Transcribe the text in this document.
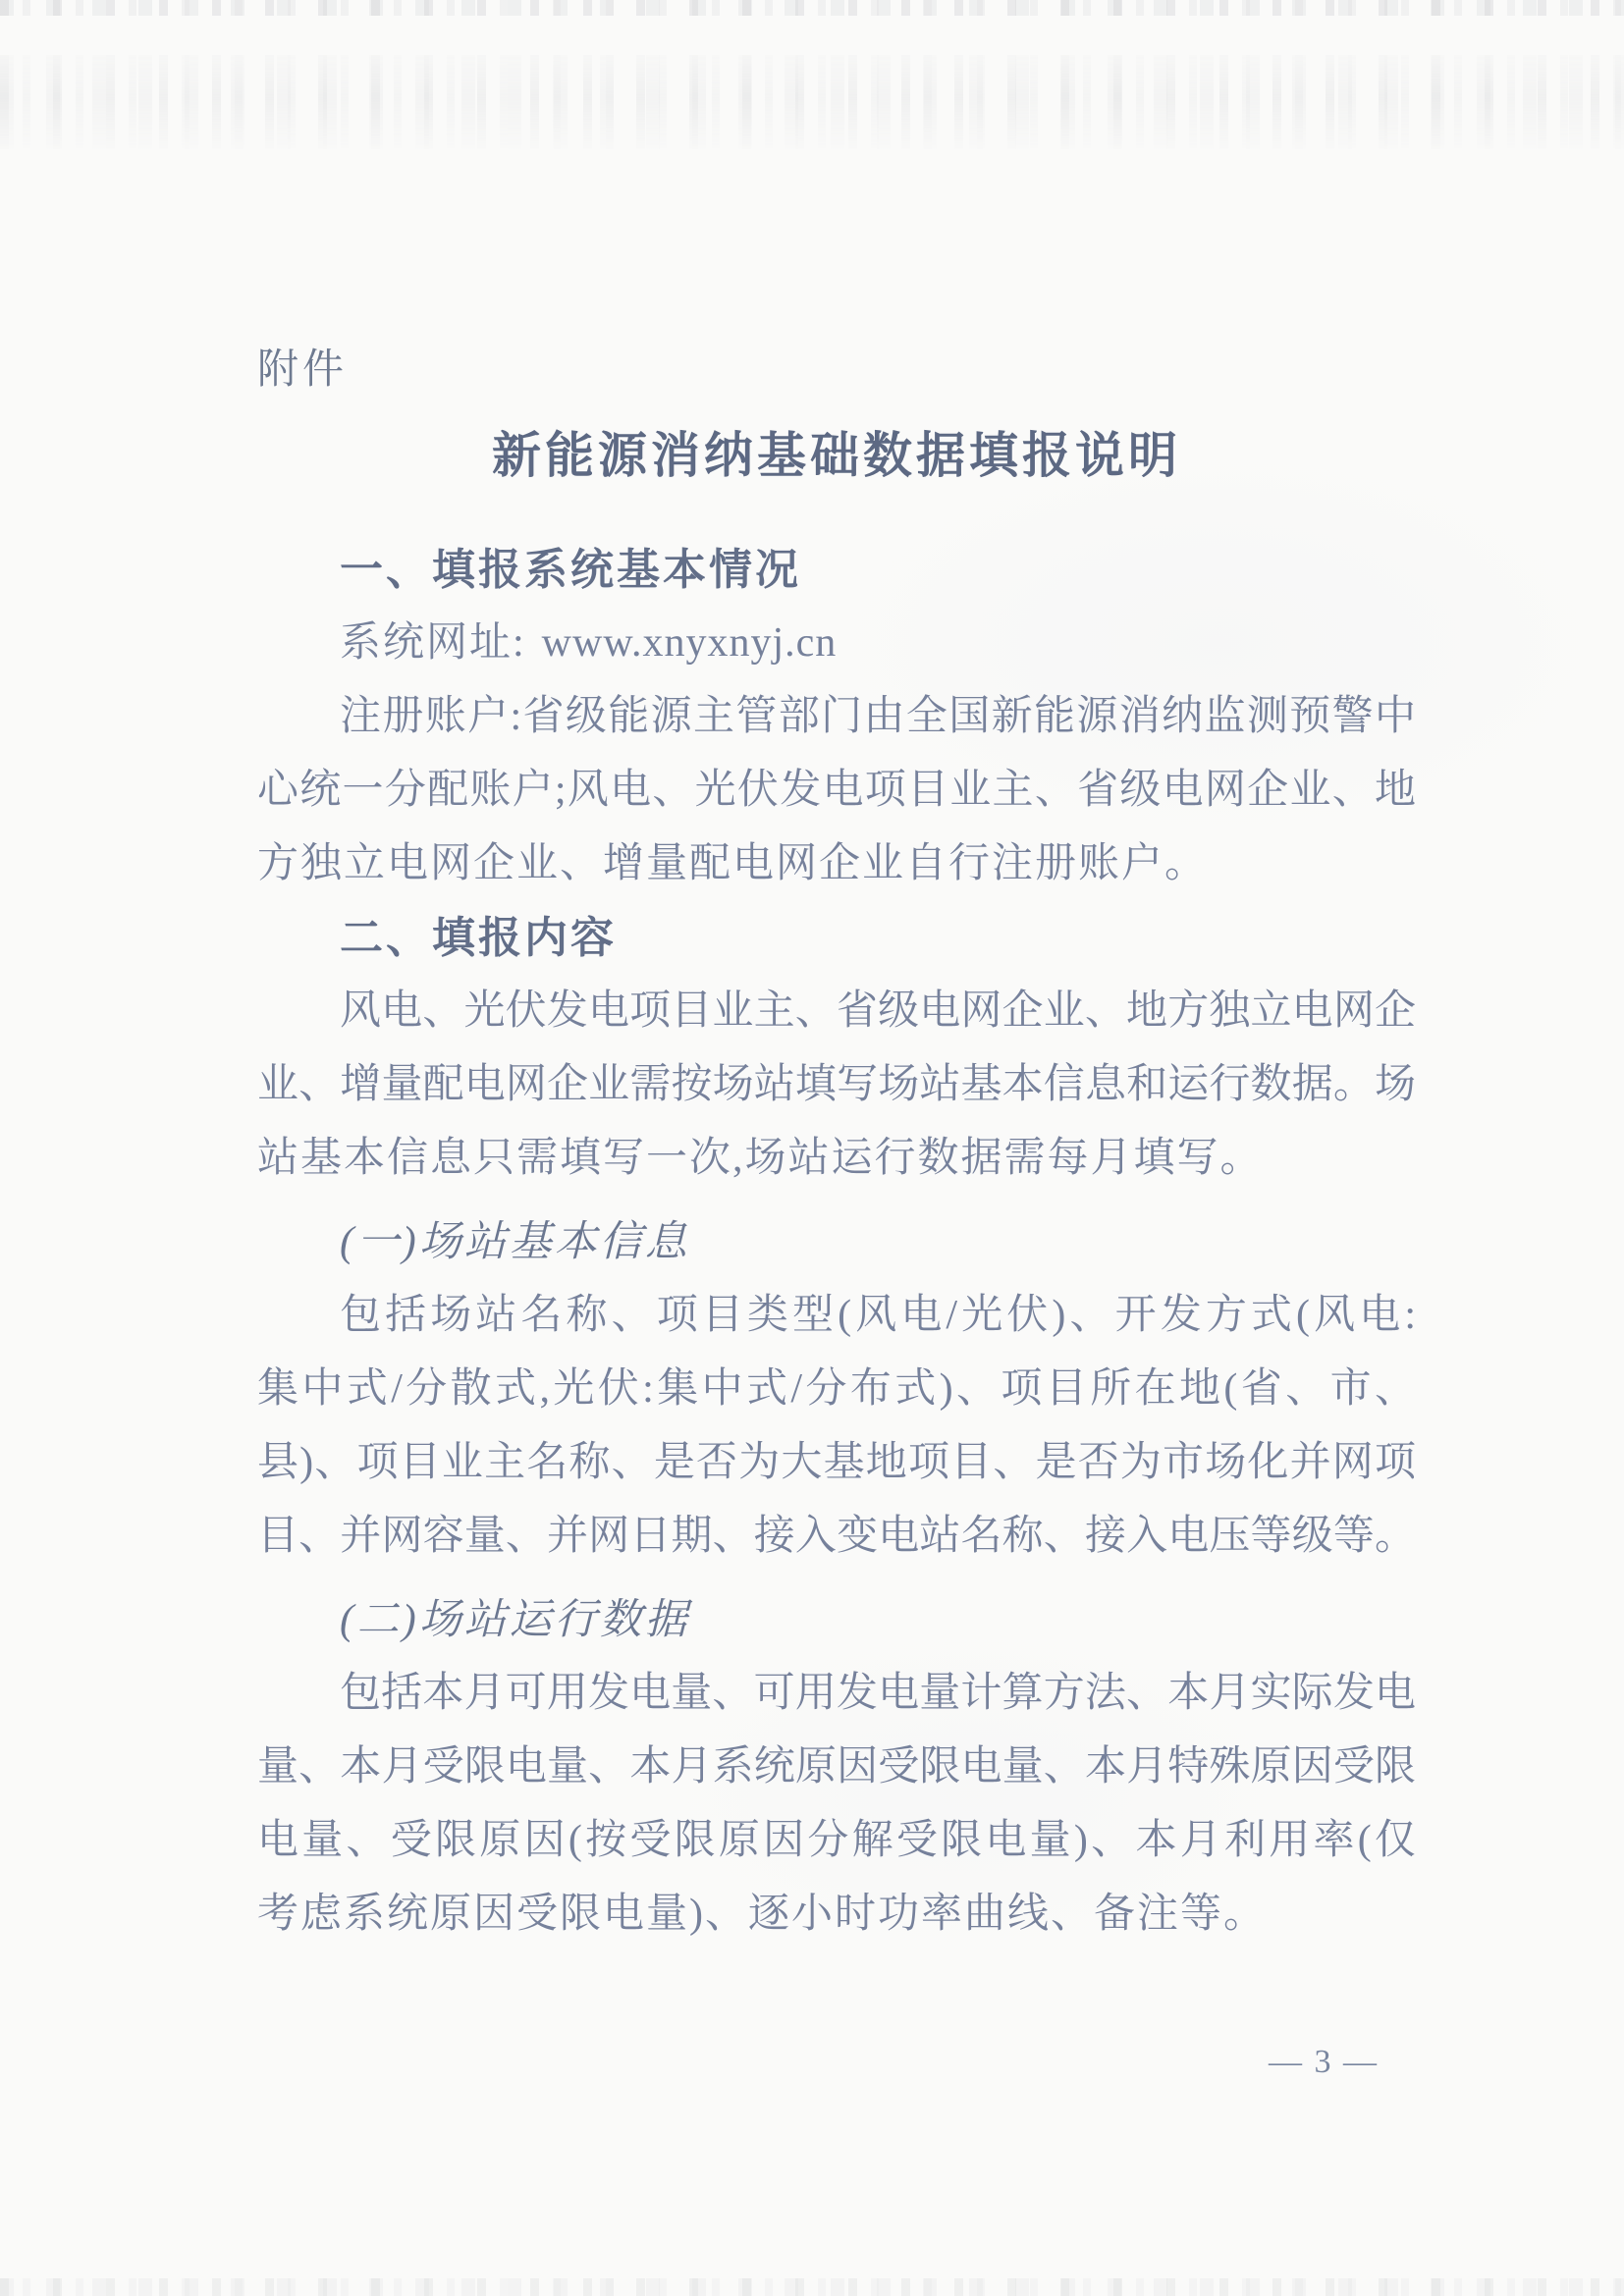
附件
新能源消纳基础数据填报说明
一、填报系统基本情况
系统网址: www.xnyxnyj.cn
注册账户:省级能源主管部门由全国新能源消纳监测预警中
心统一分配账户;风电、光伏发电项目业主、省级电网企业、地
方独立电网企业、增量配电网企业自行注册账户。
二、填报内容
风电、光伏发电项目业主、省级电网企业、地方独立电网企
业、增量配电网企业需按场站填写场站基本信息和运行数据。场
站基本信息只需填写一次,场站运行数据需每月填写。
(一)场站基本信息
包括场站名称、项目类型(风电/光伏)、开发方式(风电:
集中式/分散式,光伏:集中式/分布式)、项目所在地(省、市、
县)、项目业主名称、是否为大基地项目、是否为市场化并网项
目、并网容量、并网日期、接入变电站名称、接入电压等级等。
(二)场站运行数据
包括本月可用发电量、可用发电量计算方法、本月实际发电
量、本月受限电量、本月系统原因受限电量、本月特殊原因受限
电量、受限原因(按受限原因分解受限电量)、本月利用率(仅
考虑系统原因受限电量)、逐小时功率曲线、备注等。
— 3 —
